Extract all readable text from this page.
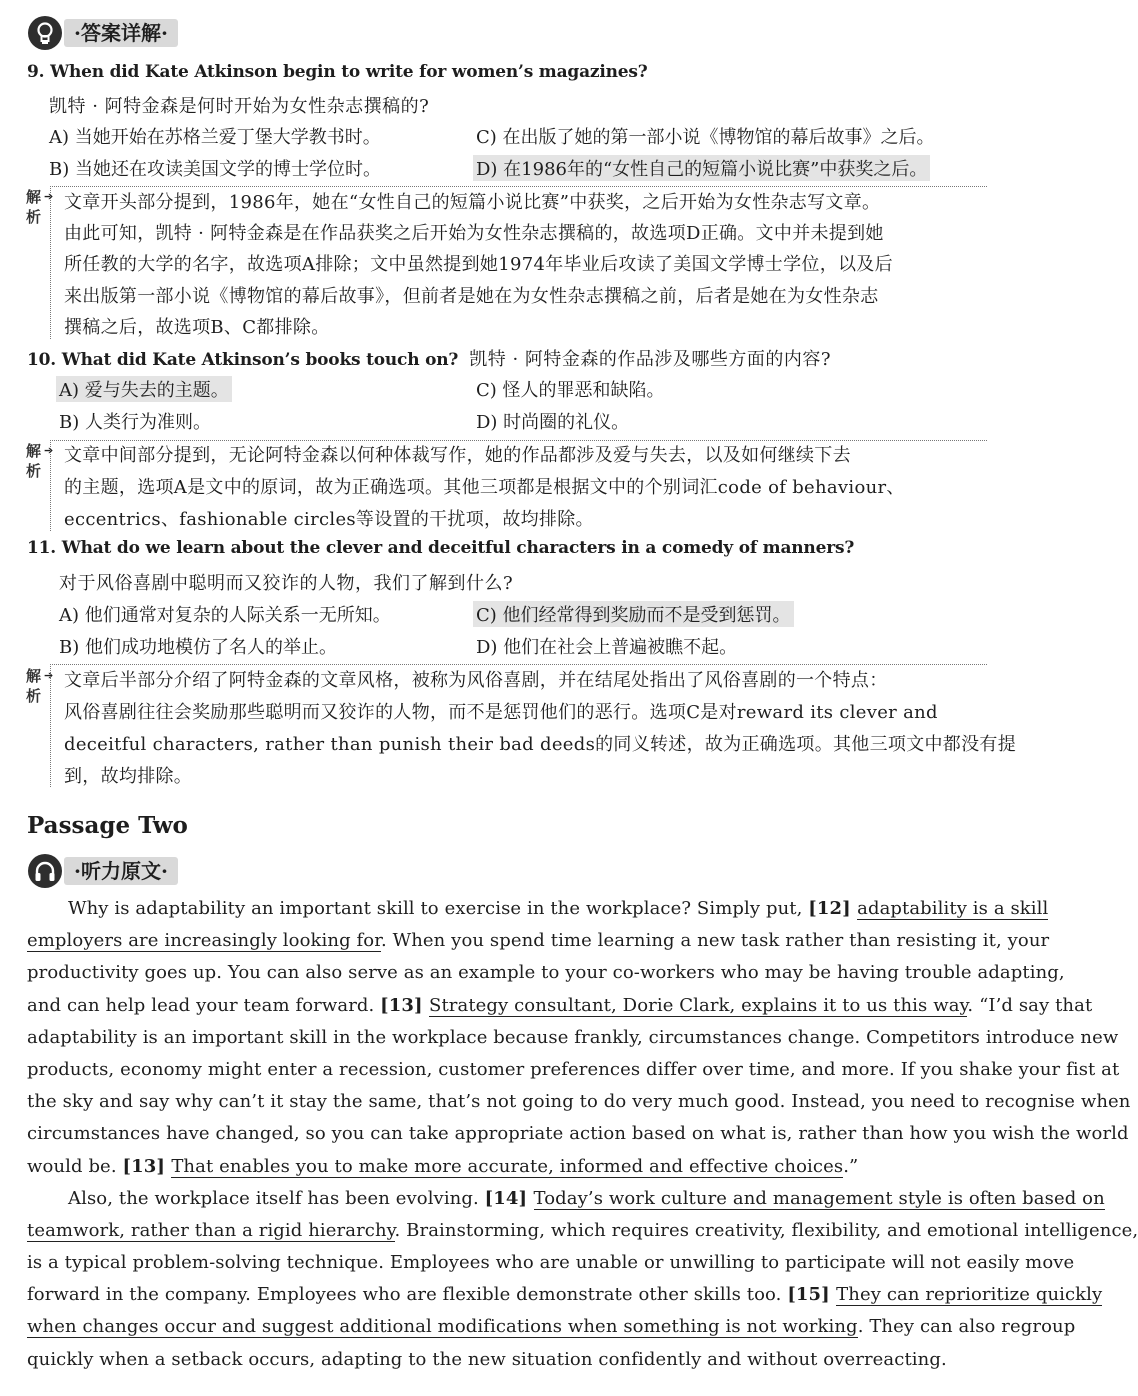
·答案详解·
9. When did Kate Atkinson begin to write for women’s magazines?
凯特 · 阿特金森是何时开始为女性杂志撰稿的?
A) 当她开始在苏格兰爱丁堡大学教书时。	C) 在出版了她的第一部小说《博物馆的幕后故事》之后。
B) 当她还在攻读美国文学的博士学位时。	D) 在1986年的“女性自己的短篇小说比赛”中获奖之后。
解析
➔ 文章开头部分提到，1986年，她在“女性自己的短篇小说比赛”中获奖，之后开始为女性杂志写文章。
由此可知，凯特 · 阿特金森是在作品获奖之后开始为女性杂志撰稿的，故选项D正确。文中并未提到她
所任教的大学的名字，故选项A排除；文中虽然提到她1974年毕业后攻读了美国文学博士学位，以及后
来出版第一部小说《博物馆的幕后故事》，但前者是她在为女性杂志撰稿之前，后者是她在为女性杂志
撰稿之后，故选项B、C都排除。
10. What did Kate Atkinson’s books touch on? 凯特 · 阿特金森的作品涉及哪些方面的内容?
A) 爱与失去的主题。	C) 怪人的罪恶和缺陷。
B) 人类行为准则。	D) 时尚圈的礼仪。
解析
➔ 文章中间部分提到，无论阿特金森以何种体裁写作，她的作品都涉及爱与失去，以及如何继续下去
的主题，选项A是文中的原词，故为正确选项。其他三项都是根据文中的个别词汇code of behaviour、
eccentrics、fashionable circles等设置的干扰项，故均排除。
11. What do we learn about the clever and deceitful characters in a comedy of manners?
对于风俗喜剧中聪明而又狡诈的人物，我们了解到什么?
A) 他们通常对复杂的人际关系一无所知。	C) 他们经常得到奖励而不是受到惩罚。
B) 他们成功地模仿了名人的举止。	D) 他们在社会上普遍被瞧不起。
解析
➔ 文章后半部分介绍了阿特金森的文章风格，被称为风俗喜剧，并在结尾处指出了风俗喜剧的一个特点：
风俗喜剧往往会奖励那些聪明而又狡诈的人物，而不是惩罚他们的恶行。选项C是对reward its clever and
deceitful characters, rather than punish their bad deeds的同义转述，故为正确选项。其他三项文中都没有提
到，故均排除。
Passage Two
·听力原文·
Why is adaptability an important skill to exercise in the workplace? Simply put, [12] adaptability is a skill
employers are increasingly looking for. When you spend time learning a new task rather than resisting it, your
productivity goes up. You can also serve as an example to your co-workers who may be having trouble adapting,
and can help lead your team forward. [13] Strategy consultant, Dorie Clark, explains it to us this way. “I’d say that
adaptability is an important skill in the workplace because frankly, circumstances change. Competitors introduce new
products, economy might enter a recession, customer preferences differ over time, and more. If you shake your fist at
the sky and say why can’t it stay the same, that’s not going to do very much good. Instead, you need to recognise when
circumstances have changed, so you can take appropriate action based on what is, rather than how you wish the world
would be. [13] That enables you to make more accurate, informed and effective choices.”
Also, the workplace itself has been evolving. [14] Today’s work culture and management style is often based on
teamwork, rather than a rigid hierarchy. Brainstorming, which requires creativity, flexibility, and emotional intelligence,
is a typical problem-solving technique. Employees who are unable or unwilling to participate will not easily move
forward in the company. Employees who are flexible demonstrate other skills too. [15] They can reprioritize quickly
when changes occur and suggest additional modifications when something is not working. They can also regroup
quickly when a setback occurs, adapting to the new situation confidently and without overreacting.
